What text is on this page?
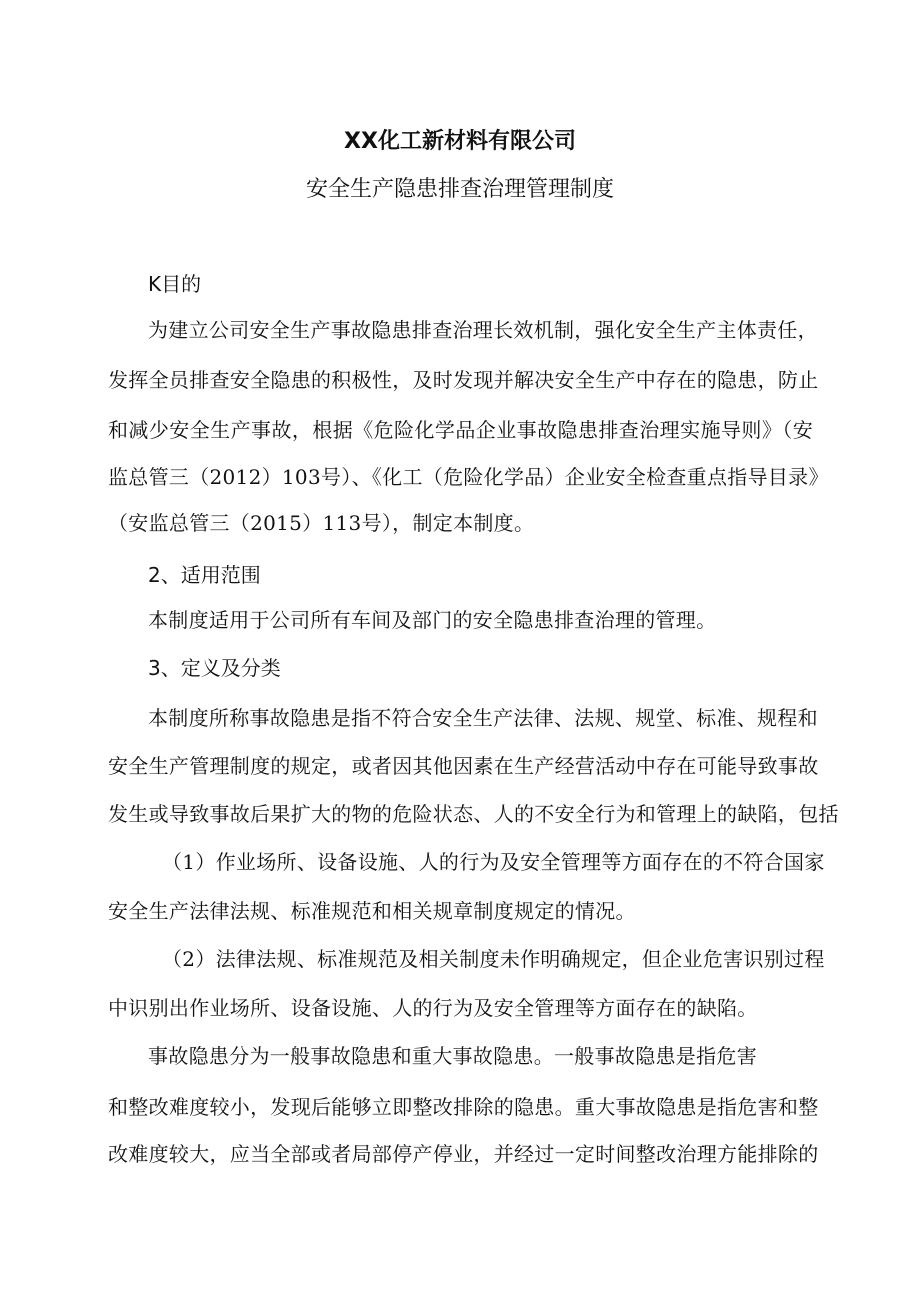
XX化工新材料有限公司
安全生产隐患排查治理管理制度
K目的
为建立公司安全生产事故隐患排查治理长效机制，强化安全生产主体责任，
发挥全员排查安全隐患的积极性，及时发现并解决安全生产中存在的隐患，防止
和减少安全生产事故，根据《危险化学品企业事故隐患排查治理实施导则》（安
监总管三（2012）103号）、《化工（危险化学品）企业安全检查重点指导目录》
（安监总管三（2015）113号），制定本制度。
2、适用范围
本制度适用于公司所有车间及部门的安全隐患排查治理的管理。
3、定义及分类
本制度所称事故隐患是指不符合安全生产法律、法规、规堂、标准、规程和
安全生产管理制度的规定，或者因其他因素在生产经营活动中存在可能导致事故
发生或导致事故后果扩大的物的危险状态、人的不安全行为和管理上的缺陷，包括
（1）作业场所、设备设施、人的行为及安全管理等方面存在的不符合国家
安全生产法律法规、标准规范和相关规章制度规定的情况。
（2）法律法规、标准规范及相关制度未作明确规定，但企业危害识别过程
中识别出作业场所、设备设施、人的行为及安全管理等方面存在的缺陷。
事故隐患分为一般事故隐患和重大事故隐患。一般事故隐患是指危害
和整改难度较小，发现后能够立即整改排除的隐患。重大事故隐患是指危害和整
改难度较大，应当全部或者局部停产停业，并经过一定时间整改治理方能排除的
